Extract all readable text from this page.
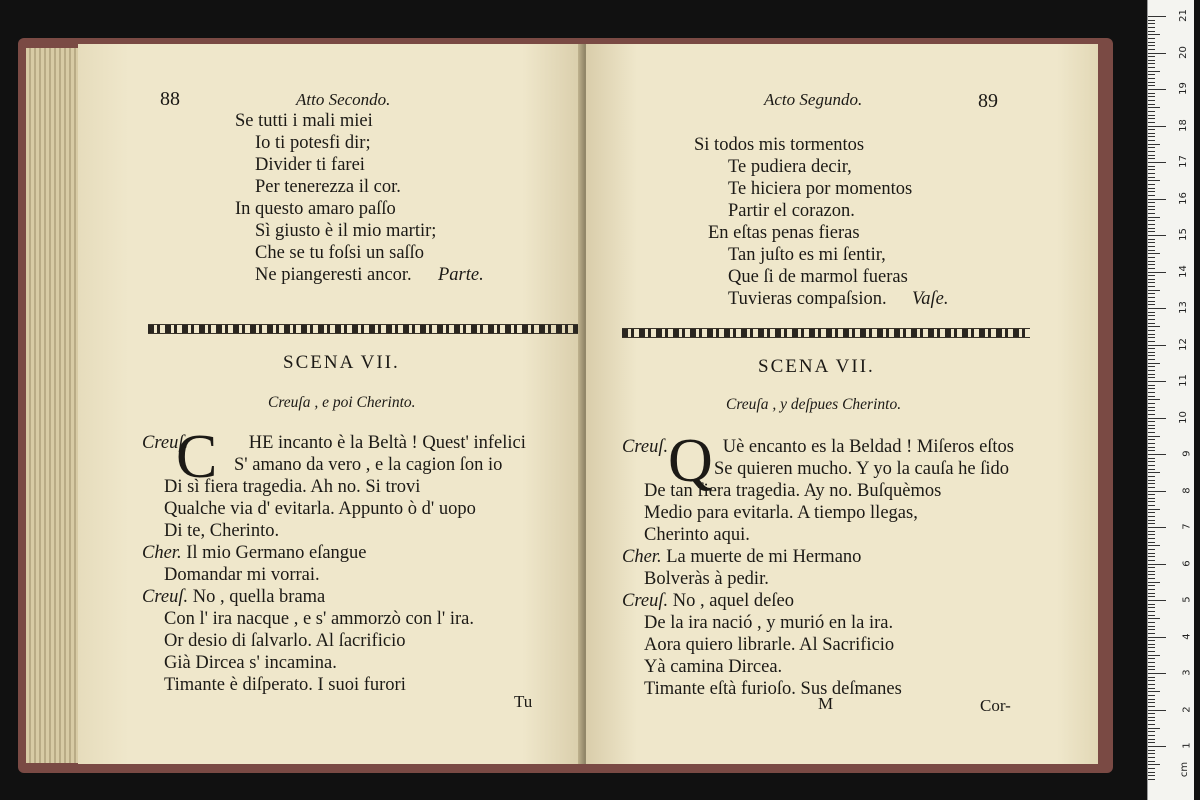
88	Atto Secondo.
Se tutti i mali miei
Io ti potesfi dir;
Divider ti farei
Per tenerezza il cor.
In questo amaro paſſo
Sì giusto è il mio martir;
Che se tu foſsi un saſſo
Ne piangeresti ancor. Parte.
SCENA VII.
Creuſa , e poi Cherinto.
C
Creuſ.	HE incanto è la Beltà ! Quest' infelici
S' amano da vero , e la cagion ſon io
Di sì fiera tragedia. Ah no. Si trovi
Qualche via d' evitarla. Appunto ò d' uopo
Di te, Cherinto.
Cher. Il mio Germano eſangue
Domandar mi vorrai.
Creuſ. No , quella brama
Con l' ira nacque , e s' ammorzò con l' ira.
Or desio di ſalvarlo. Al ſacrificio
Già Dircea s' incamina.
Timante è diſperato. I suoi furori
Tu
Acto Segundo.	89
Si todos mis tormentos
Te pudiera decir,
Te hiciera por momentos
Partir el corazon.
En eſtas penas fieras
Tan juſto es mi ſentir,
Que ſi de marmol fueras
Tuvieras compaſsion. Vaſe.
SCENA VII.
Creuſa , y deſpues Cherinto.
Q
Creuſ.	Uè encanto es la Beldad ! Miſeros eſtos
Se quieren mucho. Y yo la cauſa he ſido
De tan fiera tragedia. Ay no. Buſquèmos
Medio para evitarla. A tiempo llegas,
Cherinto aqui.
Cher. La muerte de mi Hermano
Bolveràs à pedir.
Creuſ. No , aquel deſeo
De la ira nació , y murió en la ira.
Aora quiero librarle. Al Sacrificio
Yà camina Dircea.
Timante eſtà furioſo. Sus deſmanes
M	Cor-
21
20
19
18
17
16
15
14
13
12
11
10
9
8
7
6
5
4
3
2
1
cm
